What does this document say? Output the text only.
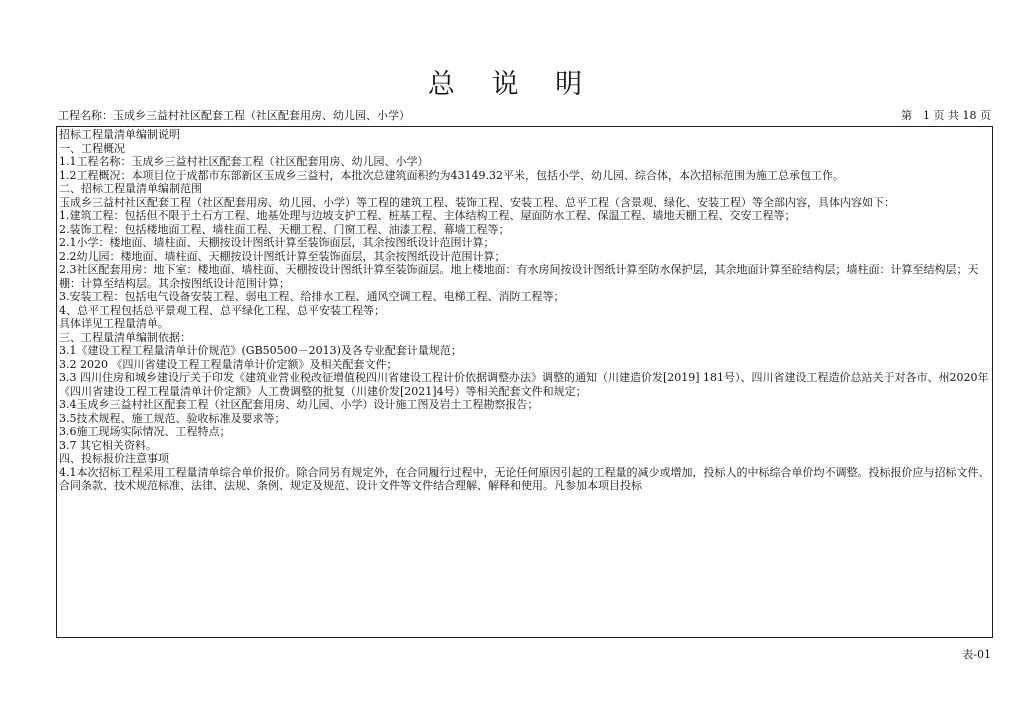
总 说 明
工程名称：玉成乡三益村社区配套工程（社区配套用房、幼儿园、小学）	第　1 页 共 18 页
招标工程量清单编制说明
一、工程概况
1.1工程名称：玉成乡三益村社区配套工程（社区配套用房、幼儿园、小学）
1.2工程概况：本项目位于成都市东部新区玉成乡三益村，本批次总建筑面积约为43149.32平米，包括小学、幼儿园、综合体，本次招标范围为施工总承包工作。
二、招标工程量清单编制范围
玉成乡三益村社区配套工程（社区配套用房、幼儿园、小学）等工程的建筑工程、装饰工程、安装工程、总平工程（含景观、绿化、安装工程）等全部内容，具体内容如下：
1.建筑工程：包括但不限于土石方工程、地基处理与边坡支护工程、桩基工程、主体结构工程、屋面防水工程、保温工程、墙地天棚工程、交安工程等；
2.装饰工程：包括楼地面工程、墙柱面工程、天棚工程、门窗工程、油漆工程、幕墙工程等；
2.1小学：楼地面、墙柱面、天棚按设计图纸计算至装饰面层，其余按图纸设计范围计算；
2.2幼儿园：楼地面、墙柱面、天棚按设计图纸计算至装饰面层，其余按图纸设计范围计算；
2.3社区配套用房：地下室：楼地面、墙柱面、天棚按设计图纸计算至装饰面层。地上楼地面：有水房间按设计图纸计算至防水保护层，其余地面计算至砼结构层；墙柱面：计算至结构层；天棚：计算至结构层。其余按图纸设计范围计算；
3.安装工程：包括电气设备安装工程、弱电工程、给排水工程、通风空调工程、电梯工程、消防工程等；
4、总平工程包括总平景观工程、总平绿化工程、总平安装工程等；
具体详见工程量清单。
三、工程量清单编制依据：
3.1《建设工程工程量清单计价规范》(GB50500－2013)及各专业配套计量规范；
3.2 2020 《四川省建设工程工程量清单计价定额》及相关配套文件；
3.3 四川住房和城乡建设厅关于印发《建筑业营业税改征增值税四川省建设工程计价依据调整办法》调整的通知（川建造价发[2019] 181号）、四川省建设工程造价总站关于对各市、州2020年《四川省建设工程工程量清单计价定额》人工费调整的批复（川建价发[2021]4号）等相关配套文件和规定；
3.4玉成乡三益村社区配套工程（社区配套用房、幼儿园、小学）设计施工图及岩土工程勘察报告；
3.5技术规程、施工规范、验收标准及要求等；
3.6施工现场实际情况、工程特点；
3.7 其它相关资料。
四、投标报价注意事项
4.1本次招标工程采用工程量清单综合单价报价。除合同另有规定外，在合同履行过程中，无论任何原因引起的工程量的减少或增加，投标人的中标综合单价均不调整。投标报价应与招标文件、合同条款、技术规范标准、法律、法规、条例、规定及规范、设计文件等文件结合理解、解释和使用。凡参加本项目投标
表-01
